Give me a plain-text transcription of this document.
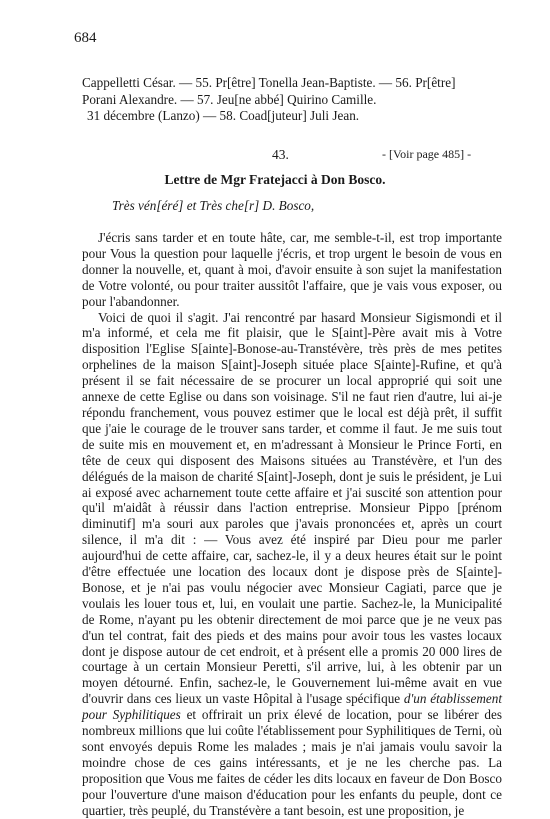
684

Cappelletti César. — 55. Pr[être] Tonella Jean-Baptiste. — 56. Pr[être]

Porani Alexandre. — 57. Jeu[ne abbé] Quirino Camille.

31 décembre (Lanzo) — 58. Coad[juteur] Juli Jean.

43.	- [Voir page 485] -
Lettre de Mgr Fratejacci à Don Bosco.
Très vén[éré] et Très che[r] D. Bosco,

J'écris sans tarder et en toute hâte, car, me semble-t-il, est trop importante pour Vous la question pour laquelle j'écris, et trop urgent le besoin de vous en donner la nouvelle, et, quant à moi, d'avoir ensuite à son sujet la manifestation de Votre volonté, ou pour traiter aussitôt l'affaire, que je vais vous exposer, ou pour l'abandonner.

Voici de quoi il s'agit. J'ai rencontré par hasard Monsieur Sigismondi et il m'a informé, et cela me fit plaisir, que le S[aint]-Père avait mis à Votre disposition l'Eglise S[ainte]-Bonose-au-Transtévère, très près de mes petites orphelines de la maison S[aint]-Joseph située place S[ainte]-Rufine, et qu'à présent il se fait nécessaire de se procurer un local approprié qui soit une annexe de cette Eglise ou dans son voisinage. S'il ne faut rien d'autre, lui ai-je répondu franchement, vous pouvez estimer que le local est déjà prêt, il suffit que j'aie le courage de le trouver sans tarder, et comme il faut. Je me suis tout de suite mis en mouvement et, en m'adressant à Monsieur le Prince Forti, en tête de ceux qui disposent des Maisons situées au Transtévère, et l'un des délégués de la maison de charité S[aint]-Joseph, dont je suis le président, je Lui ai exposé avec acharnement toute cette affaire et j'ai suscité son attention pour qu'il m'aidât à réussir dans l'action entreprise. Monsieur Pippo [prénom diminutif] m'a souri aux paroles que j'avais prononcées et, après un court silence, il m'a dit : — Vous avez été inspiré par Dieu pour me parler aujourd'hui de cette affaire, car, sachez-le, il y a deux heures était sur le point d'être effectuée une location des locaux dont je dispose près de S[ainte]-Bonose, et je n'ai pas voulu négocier avec Monsieur Cagiati, parce que je voulais les louer tous et, lui, en voulait une partie. Sachez-le, la Municipalité de Rome, n'ayant pu les obtenir directement de moi parce que je ne veux pas d'un tel contrat, fait des pieds et des mains pour avoir tous les vastes locaux dont je dispose autour de cet endroit, et à présent elle a promis 20 000 lires de courtage à un certain Monsieur Peretti, s'il arrive, lui, à les obtenir par un moyen détourné. Enfin, sachez-le, le Gouvernement lui-même avait en vue d'ouvrir dans ces lieux un vaste Hôpital à l'usage spécifique d'un établissement pour Syphilitiques et offrirait un prix élevé de location, pour se libérer des nombreux millions que lui coûte l'établissement pour Syphilitiques de Terni, où sont envoyés depuis Rome les malades ; mais je n'ai jamais voulu savoir la moindre chose de ces gains intéressants, et je ne les cherche pas. La proposition que Vous me faites de céder les dits locaux en faveur de Don Bosco pour l'ouverture d'une maison d'éducation pour les enfants du peuple, dont ce quartier, très peuplé, du Transtévère a tant besoin, est une proposition, je
